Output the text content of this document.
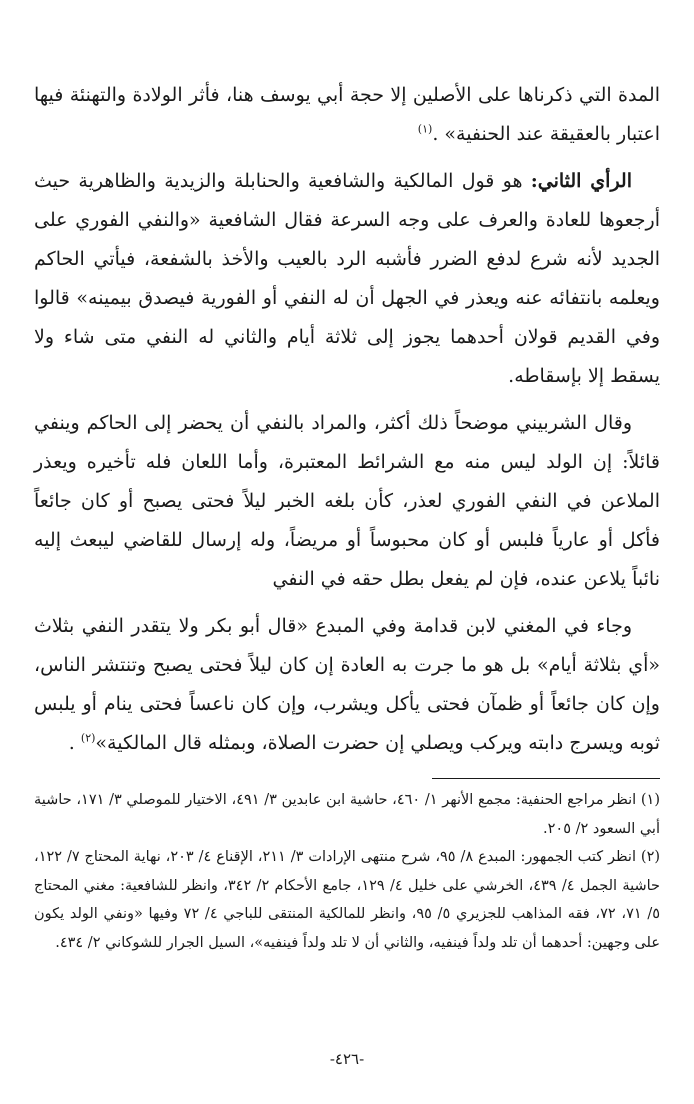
المدة التي ذكرناها على الأصلين إلا حجة أبي يوسف هنا، فأثر الولادة والتهنئة فيها اعتبار بالعقيقة عند الحنفية» .$^{(١)}$

الرأي الثاني: هو قول المالكية والشافعية والحنابلة والزيدية والظاهرية حيث أرجعوها للعادة والعرف على وجه السرعة فقال الشافعية «والنفي الفوري على الجديد لأنه شرع لدفع الضرر فأشبه الرد بالعيب والأخذ بالشفعة، فيأتي الحاكم ويعلمه بانتفائه عنه ويعذر في الجهل أن له النفي أو الفورية فيصدق بيمينه» قالوا وفي القديم قولان أحدهما يجوز إلى ثلاثة أيام والثاني له النفي متى شاء ولا يسقط إلا بإسقاطه.

وقال الشربيني موضحاً ذلك أكثر، والمراد بالنفي أن يحضر إلى الحاكم وينفي قائلاً: إن الولد ليس منه مع الشرائط المعتبرة، وأما اللعان فله تأخيره ويعذر الملاعن في النفي الفوري لعذر، كأن بلغه الخبر ليلاً فحتى يصبح أو كان جائعاً فأكل أو عارياً فلبس أو كان محبوساً أو مريضاً، وله إرسال للقاضي ليبعث إليه نائباً يلاعن عنده، فإن لم يفعل بطل حقه في النفي

وجاء في المغني لابن قدامة وفي المبدع «قال أبو بكر ولا يتقدر النفي بثلاث «أي بثلاثة أيام» بل هو ما جرت به العادة إن كان ليلاً فحتى يصبح وتنتشر الناس، وإن كان جائعاً أو ظمآن فحتى يأكل ويشرب، وإن كان ناعساً فحتى ينام أو يلبس ثوبه ويسرج دابته ويركب ويصلي إن حضرت الصلاة، وبمثله قال المالكية»$^{(٢)}$ .

(١) انظر مراجع الحنفية: مجمع الأنهر ١/ ٤٦٠، حاشية ابن عابدين ٣/ ٤٩١، الاختيار للموصلي ٣/ ١٧١، حاشية أبي السعود ٢/ ٢٠٥.

(٢) انظر كتب الجمهور: المبدع ٨/ ٩٥، شرح منتهى الإرادات ٣/ ٢١١، الإقناع ٤/ ٢٠٣، نهاية المحتاج ٧/ ١٢٢، حاشية الجمل ٤/ ٤٣٩، الخرشي على خليل ٤/ ١٢٩، جامع الأحكام ٢/ ٣٤٢، وانظر للشافعية: مغني المحتاج ٥/ ٧١، ٧٢، فقه المذاهب للجزيري ٥/ ٩٥، وانظر للمالكية المنتقى للباجي ٤/ ٧٢ وفيها «ونفي الولد يكون على وجهين: أحدهما أن تلد ولداً فينفيه، والثاني أن لا تلد ولداً فينفيه»، السيل الجرار للشوكاني ٢/ ٤٣٤.

-٤٢٦-
